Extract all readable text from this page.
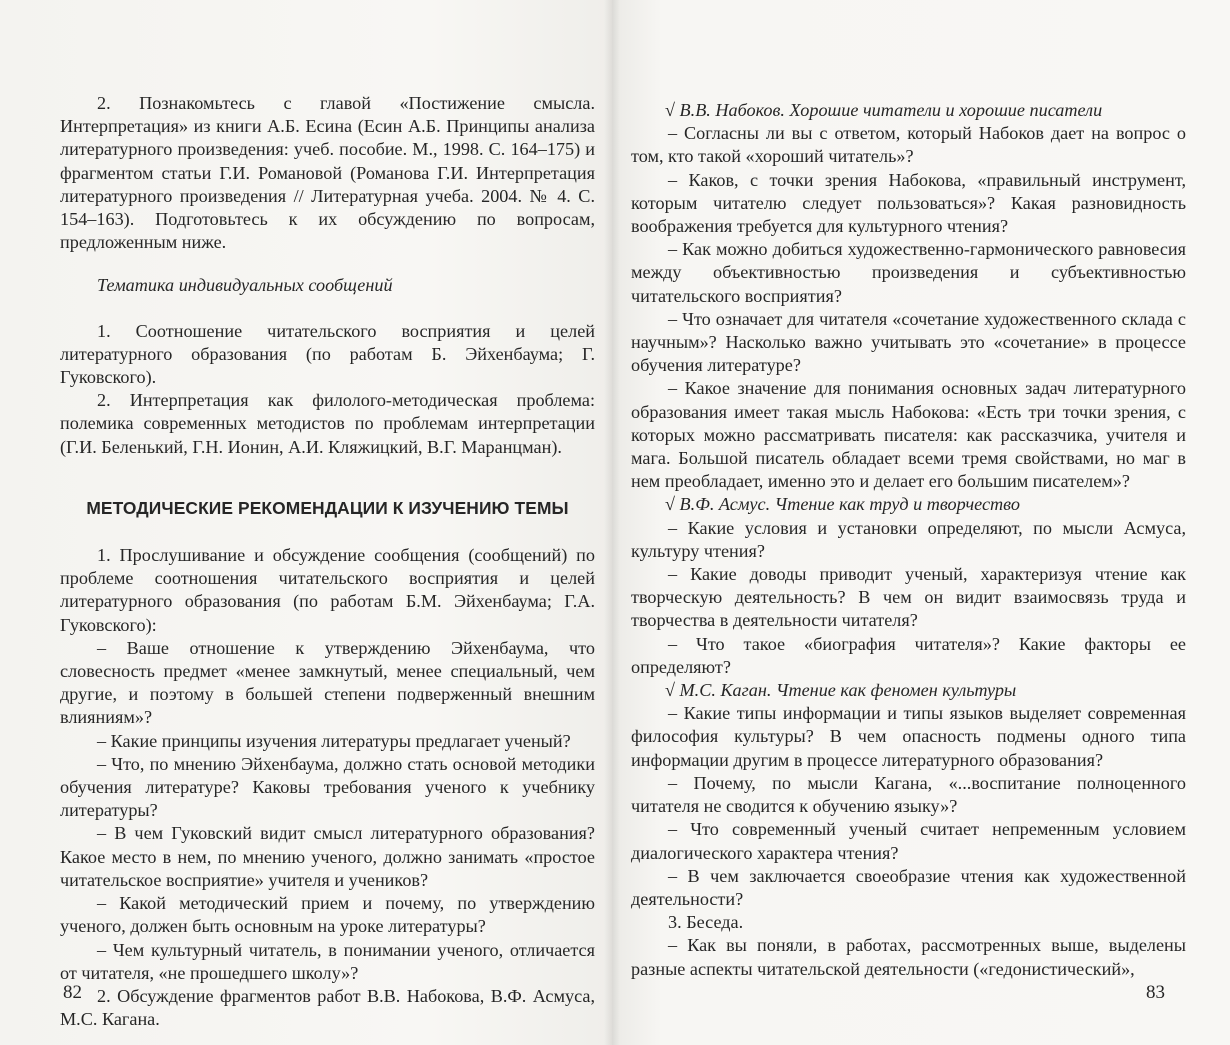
2. Познакомьтесь с главой «Постижение смысла. Интерпретация» из книги А.Б. Есина (Есин А.Б. Принципы анализа литературного произведения: учеб. пособие. М., 1998. С. 164–175) и фрагментом статьи Г.И. Романовой (Романова Г.И. Интерпретация литературного произведения // Литературная учеба. 2004. № 4. С. 154–163). Подготовьтесь к их обсуждению по вопросам, предложенным ниже.

Тематика индивидуальных сообщений

1. Соотношение читательского восприятия и целей литературного образования (по работам Б. Эйхенбаума; Г. Гуковского).

2. Интерпретация как филолого-методическая проблема: полемика современных методистов по проблемам интерпретации (Г.И. Беленький, Г.Н. Ионин, А.И. Кляжицкий, В.Г. Маранцман).

МЕТОДИЧЕСКИЕ РЕКОМЕНДАЦИИ К ИЗУЧЕНИЮ ТЕМЫ

1. Прослушивание и обсуждение сообщения (сообщений) по проблеме соотношения читательского восприятия и целей литературного образования (по работам Б.М. Эйхенбаума; Г.А. Гуковского):

– Ваше отношение к утверждению Эйхенбаума, что словесность предмет «менее замкнутый, менее специальный, чем другие, и поэтому в большей степени подверженный внешним влияниям»?

– Какие принципы изучения литературы предлагает ученый?

– Что, по мнению Эйхенбаума, должно стать основой методики обучения литературе? Каковы требования ученого к учебнику литературы?

– В чем Гуковский видит смысл литературного образования? Какое место в нем, по мнению ученого, должно занимать «простое читательское восприятие» учителя и учеников?

– Какой методический прием и почему, по утверждению ученого, должен быть основным на уроке литературы?

– Чем культурный читатель, в понимании ученого, отличается от читателя, «не прошедшего школу»?

2. Обсуждение фрагментов работ В.В. Набокова, В.Ф. Асмуса, М.С. Кагана.

82

√ В.В. Набоков. Хорошие читатели и хорошие писатели

– Согласны ли вы с ответом, который Набоков дает на вопрос о том, кто такой «хороший читатель»?

– Каков, с точки зрения Набокова, «правильный инструмент, которым читателю следует пользоваться»? Какая разновидность воображения требуется для культурного чтения?

– Как можно добиться художественно-гармонического равновесия между объективностью произведения и субъективностью читательского восприятия?

– Что означает для читателя «сочетание художественного склада с научным»? Насколько важно учитывать это «сочетание» в процессе обучения литературе?

– Какое значение для понимания основных задач литературного образования имеет такая мысль Набокова: «Есть три точки зрения, с которых можно рассматривать писателя: как рассказчика, учителя и мага. Большой писатель обладает всеми тремя свойствами, но маг в нем преобладает, именно это и делает его большим писателем»?

√ В.Ф. Асмус. Чтение как труд и творчество

– Какие условия и установки определяют, по мысли Асмуса, культуру чтения?

– Какие доводы приводит ученый, характеризуя чтение как творческую деятельность? В чем он видит взаимосвязь труда и творчества в деятельности читателя?

– Что такое «биография читателя»? Какие факторы ее определяют?

√ М.С. Каган. Чтение как феномен культуры

– Какие типы информации и типы языков выделяет современная философия культуры? В чем опасность подмены одного типа информации другим в процессе литературного образования?

– Почему, по мысли Кагана, «...воспитание полноценного читателя не сводится к обучению языку»?

– Что современный ученый считает непременным условием диалогического характера чтения?

– В чем заключается своеобразие чтения как художественной деятельности?

3. Беседа.

– Как вы поняли, в работах, рассмотренных выше, выделены разные аспекты читательской деятельности («гедонистический»,

83
